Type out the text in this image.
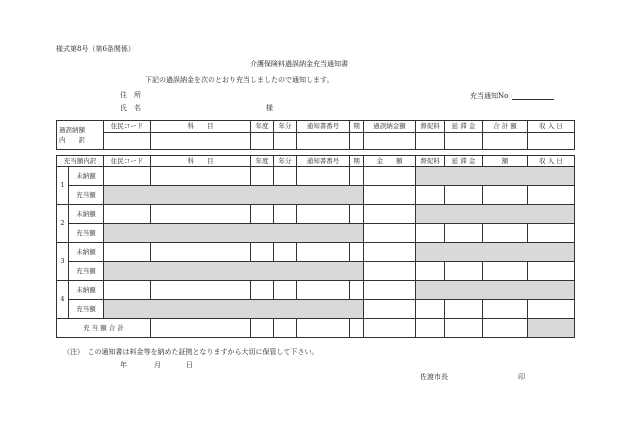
様式第8号（第6条関係）
介護保険料過誤納金充当通知書
下記の過誤納金を次のとおり充当しましたので通知します。
住　所
氏　名	様
充当通知No
過誤納額
内　　訳	住民コード	科　　目	年度	年分	通知書番号	期	過誤納金額	督促料	延 滞 金	合 計 額	収 入 日

充当額内訳		住民コード	科　　目	年度	年分	通知書番号	期	金　　額	督促料	延 滞 金	額	収 入 日
1	未納額											
	充当額											
2	未納額											
	充当額											
3	未納額											
	充当額											
4	未納額											
	充当額											
充 当 額 合 計												
（注）　この通知書は料金等を納めた証拠となりますから大切に保管して下さい。
年	月	日
佐渡市長	印
